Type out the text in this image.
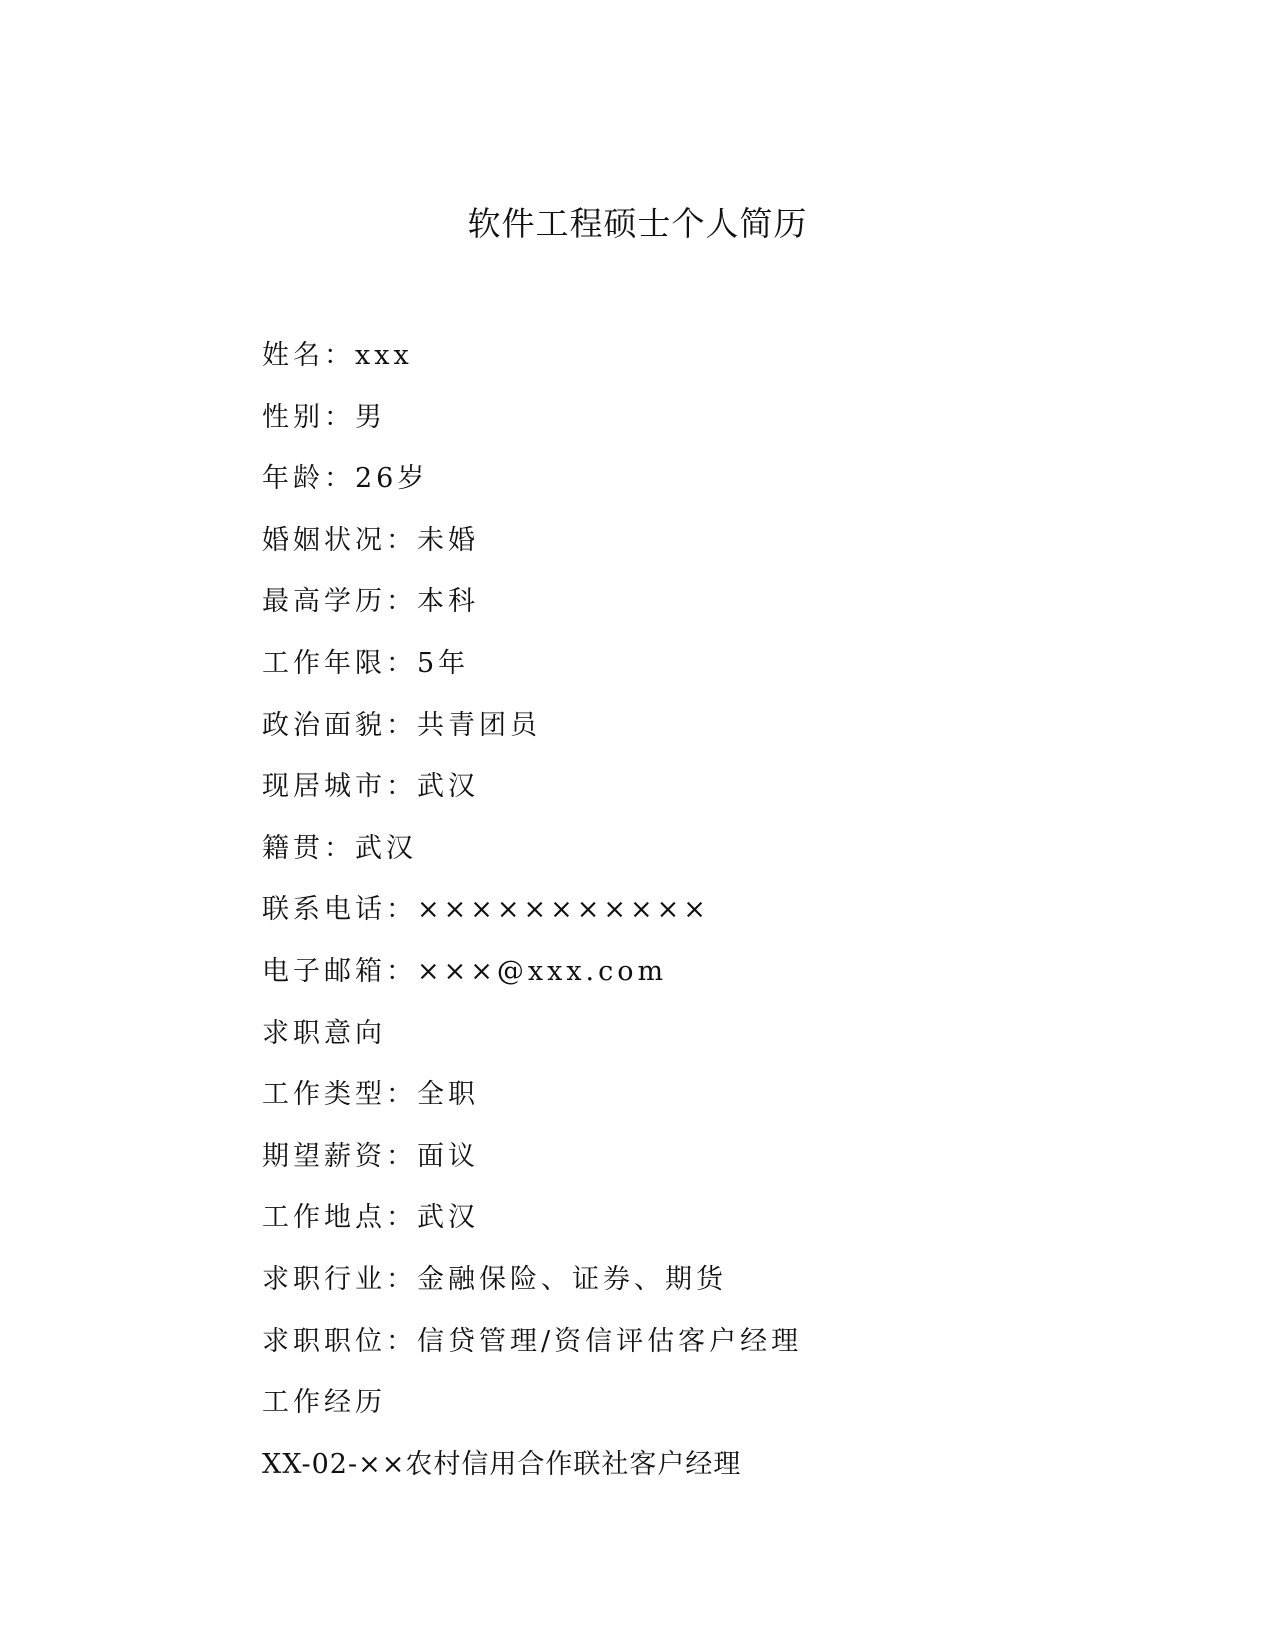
软件工程硕士个人简历
姓名：xxx
性别：男
年龄：26岁
婚姻状况：未婚
最高学历：本科
工作年限：5年
政治面貌：共青团员
现居城市：武汉
籍贯：武汉
联系电话：×××××××××××
电子邮箱：×××@xxx.com
求职意向
工作类型：全职
期望薪资：面议
工作地点：武汉
求职行业：金融保险、证券、期货
求职职位：信贷管理/资信评估客户经理
工作经历
XX-02-××农村信用合作联社客户经理
